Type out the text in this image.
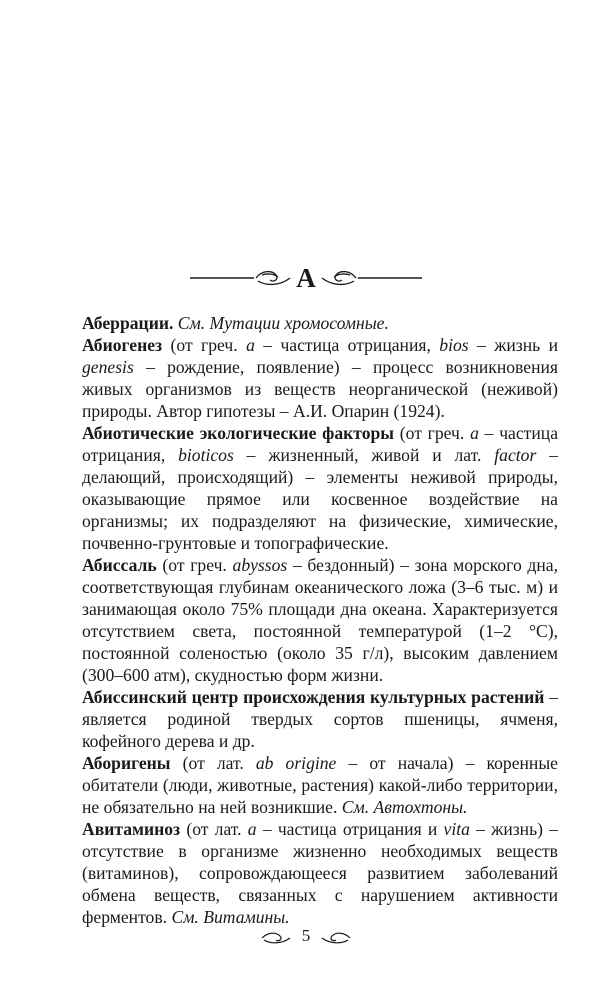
А

Аберрации. См. Мутации хромосомные.

Абиогенез (от греч. а – частица отрицания, bios – жизнь и genesis – рождение, появление) – процесс возникновения живых организмов из веществ неорганической (неживой) природы. Автор гипотезы – А.И. Опарин (1924).

Абиотические экологические факторы (от греч. а – частица отрицания, bioticos – жизненный, живой и лат. factor – делающий, происходящий) – элементы неживой природы, оказывающие прямое или косвенное воздействие на организмы; их подразделяют на физические, химические, почвенно-грунтовые и топографические.

Абиссаль (от греч. abyssos – бездонный) – зона морского дна, соответствующая глубинам океанического ложа (3–6 тыс. м) и занимающая около 75% площади дна океана. Характеризуется отсутствием света, постоянной температурой (1–2 °С), постоянной соленостью (около 35 г/л), высоким давлением (300–600 атм), скудностью форм жизни.

Абиссинский центр происхождения культурных растений – является родиной твердых сортов пшеницы, ячменя, кофейного дерева и др.

Аборигены (от лат. ab origine – от начала) – коренные обитатели (люди, животные, растения) какой-либо территории, не обязательно на ней возникшие. См. Автохтоны.

Авитаминоз (от лат. а – частица отрицания и vita – жизнь) – отсутствие в организме жизненно необходимых веществ (витаминов), сопровождающееся развитием заболеваний обмена веществ, связанных с нарушением активности ферментов. См. Витамины.

5
